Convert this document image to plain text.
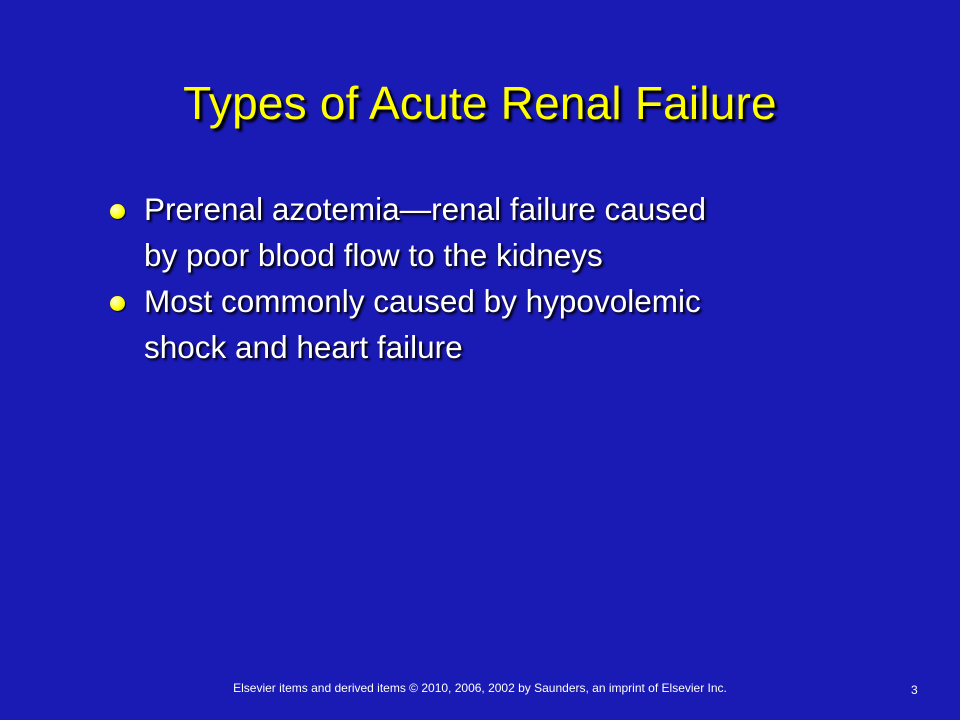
Types of Acute Renal Failure
Prerenal azotemia—renal failure caused
by poor blood flow to the kidneys
Most commonly caused by hypovolemic
shock and heart failure
Elsevier items and derived items © 2010, 2006, 2002 by Saunders, an imprint of Elsevier Inc.	3
